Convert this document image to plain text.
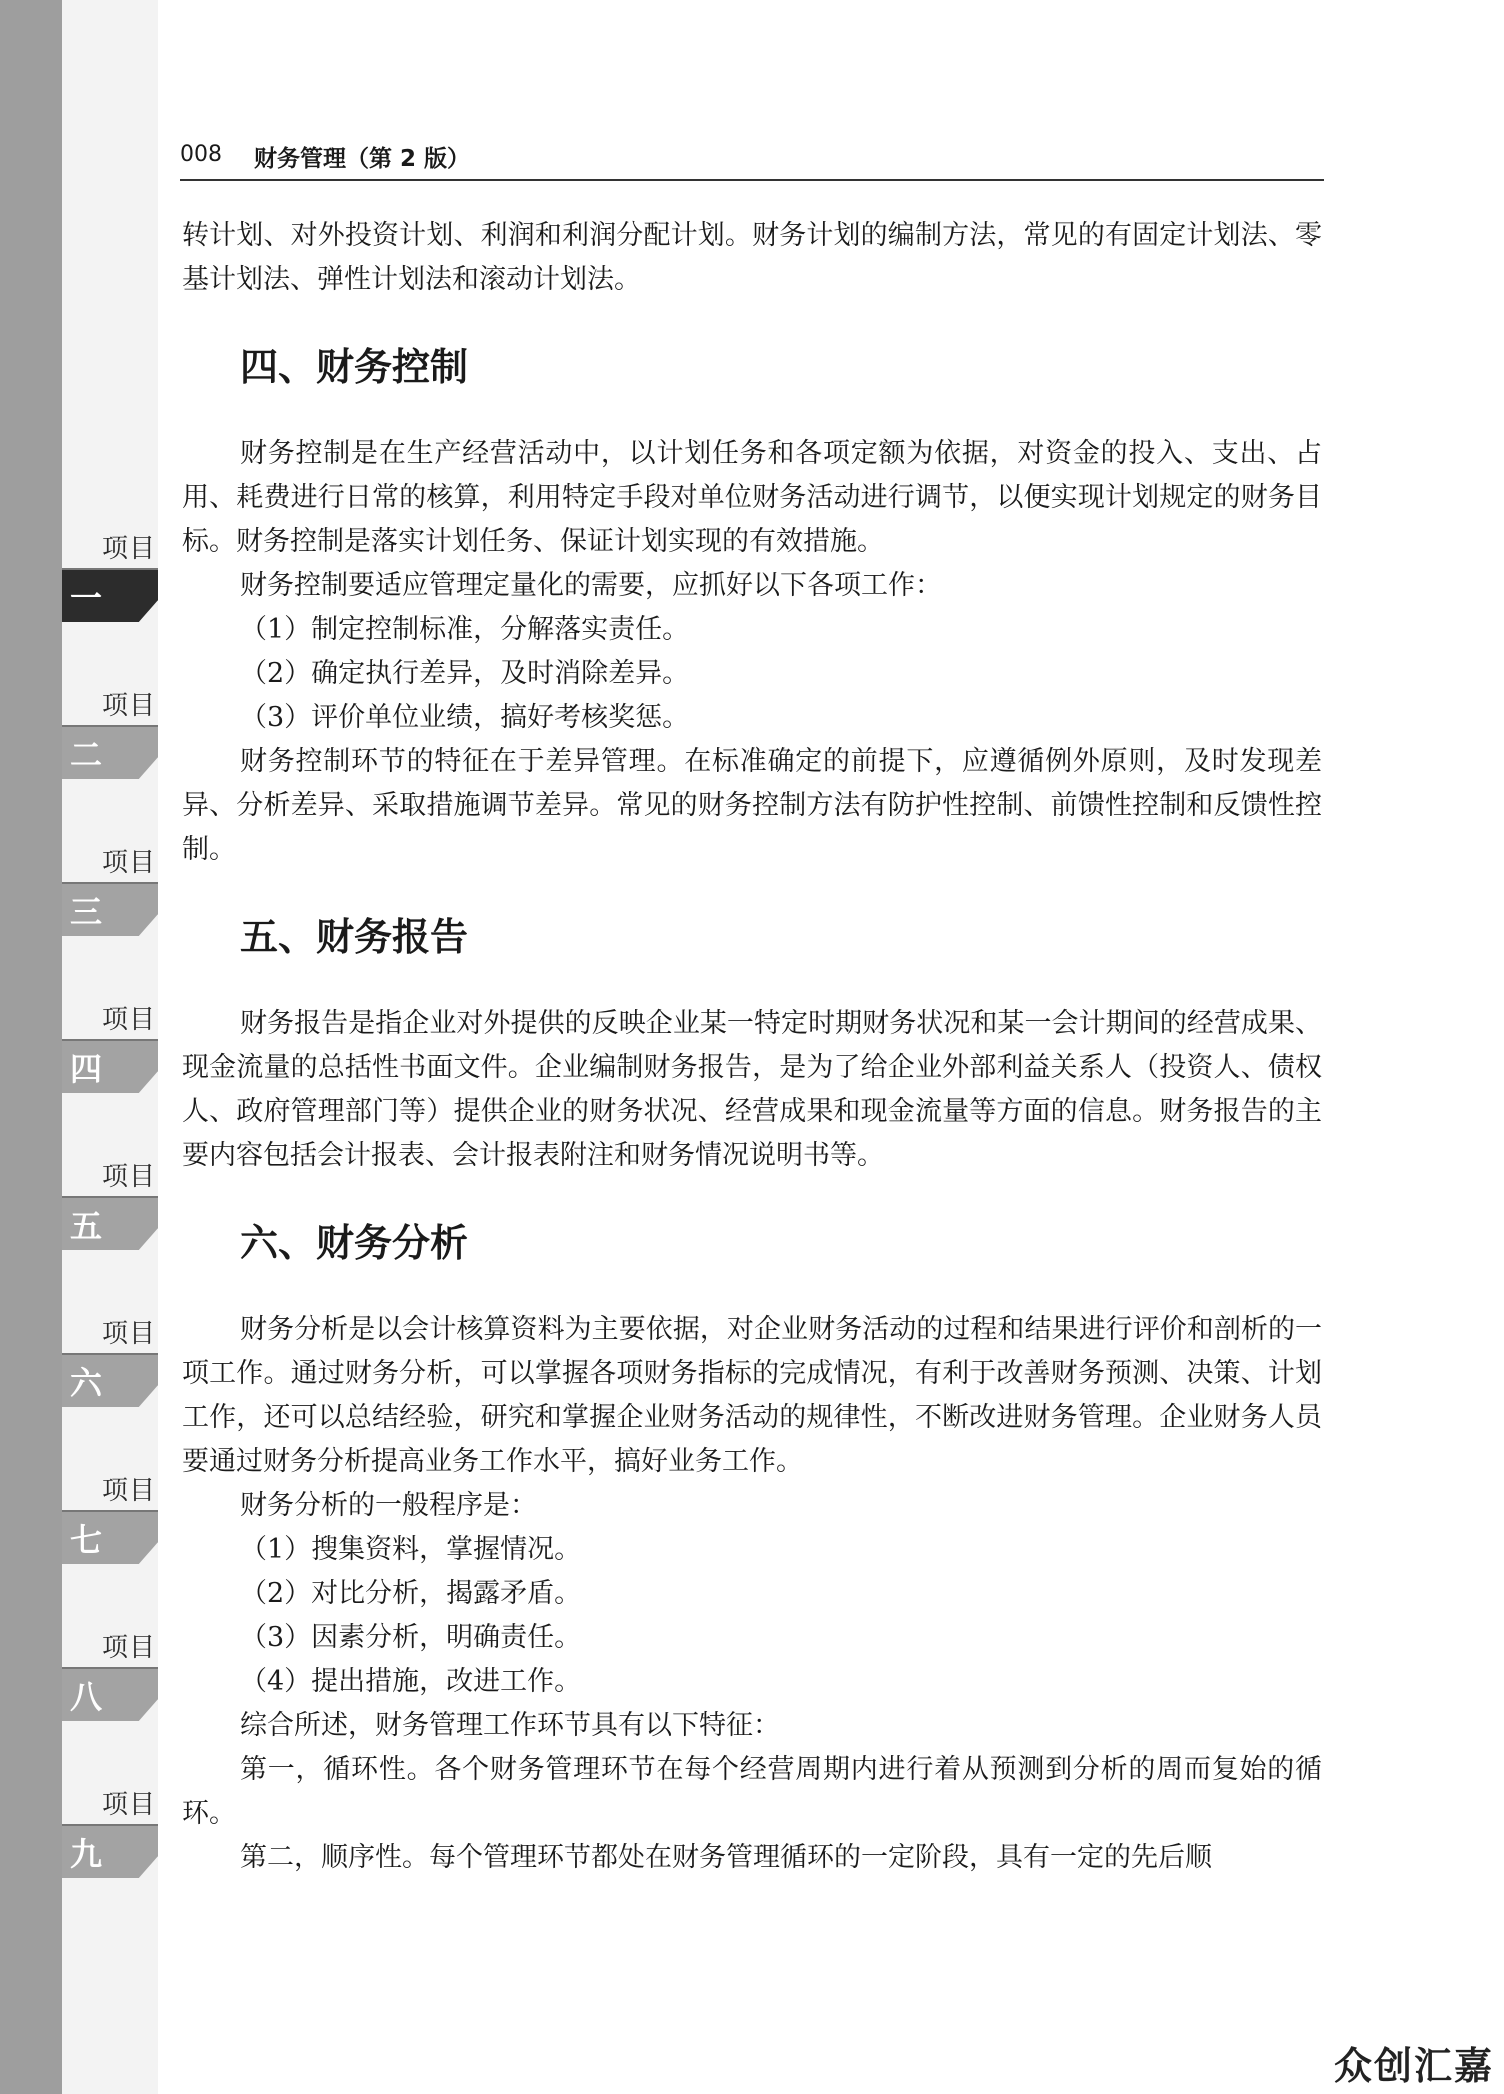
项目
一
项目
二
项目
三
项目
四
项目
五
项目
六
项目
七
项目
八
项目
九
008 财务管理（第 2 版）

转计划、对外投资计划、利润和利润分配计划。财务计划的编制方法，常见的有固定计划法、零基计划法、弹性计划法和滚动计划法。

四、财务控制

财务控制是在生产经营活动中，以计划任务和各项定额为依据，对资金的投入、支出、占用、耗费进行日常的核算，利用特定手段对单位财务活动进行调节，以便实现计划规定的财务目标。财务控制是落实计划任务、保证计划实现的有效措施。

财务控制要适应管理定量化的需要，应抓好以下各项工作：

（1）制定控制标准，分解落实责任。

（2）确定执行差异，及时消除差异。

（3）评价单位业绩，搞好考核奖惩。

财务控制环节的特征在于差异管理。在标准确定的前提下，应遵循例外原则，及时发现差异、分析差异、采取措施调节差异。常见的财务控制方法有防护性控制、前馈性控制和反馈性控制。

五、财务报告

财务报告是指企业对外提供的反映企业某一特定时期财务状况和某一会计期间的经营成果、现金流量的总括性书面文件。企业编制财务报告，是为了给企业外部利益关系人（投资人、债权人、政府管理部门等）提供企业的财务状况、经营成果和现金流量等方面的信息。财务报告的主要内容包括会计报表、会计报表附注和财务情况说明书等。

六、财务分析

财务分析是以会计核算资料为主要依据，对企业财务活动的过程和结果进行评价和剖析的一项工作。通过财务分析，可以掌握各项财务指标的完成情况，有利于改善财务预测、决策、计划工作，还可以总结经验，研究和掌握企业财务活动的规律性，不断改进财务管理。企业财务人员要通过财务分析提高业务工作水平，搞好业务工作。

财务分析的一般程序是：

（1）搜集资料，掌握情况。

（2）对比分析，揭露矛盾。

（3）因素分析，明确责任。

（4）提出措施，改进工作。

综合所述，财务管理工作环节具有以下特征：

第一，循环性。各个财务管理环节在每个经营周期内进行着从预测到分析的周而复始的循环。

第二，顺序性。每个管理环节都处在财务管理循环的一定阶段，具有一定的先后顺

众创汇嘉
